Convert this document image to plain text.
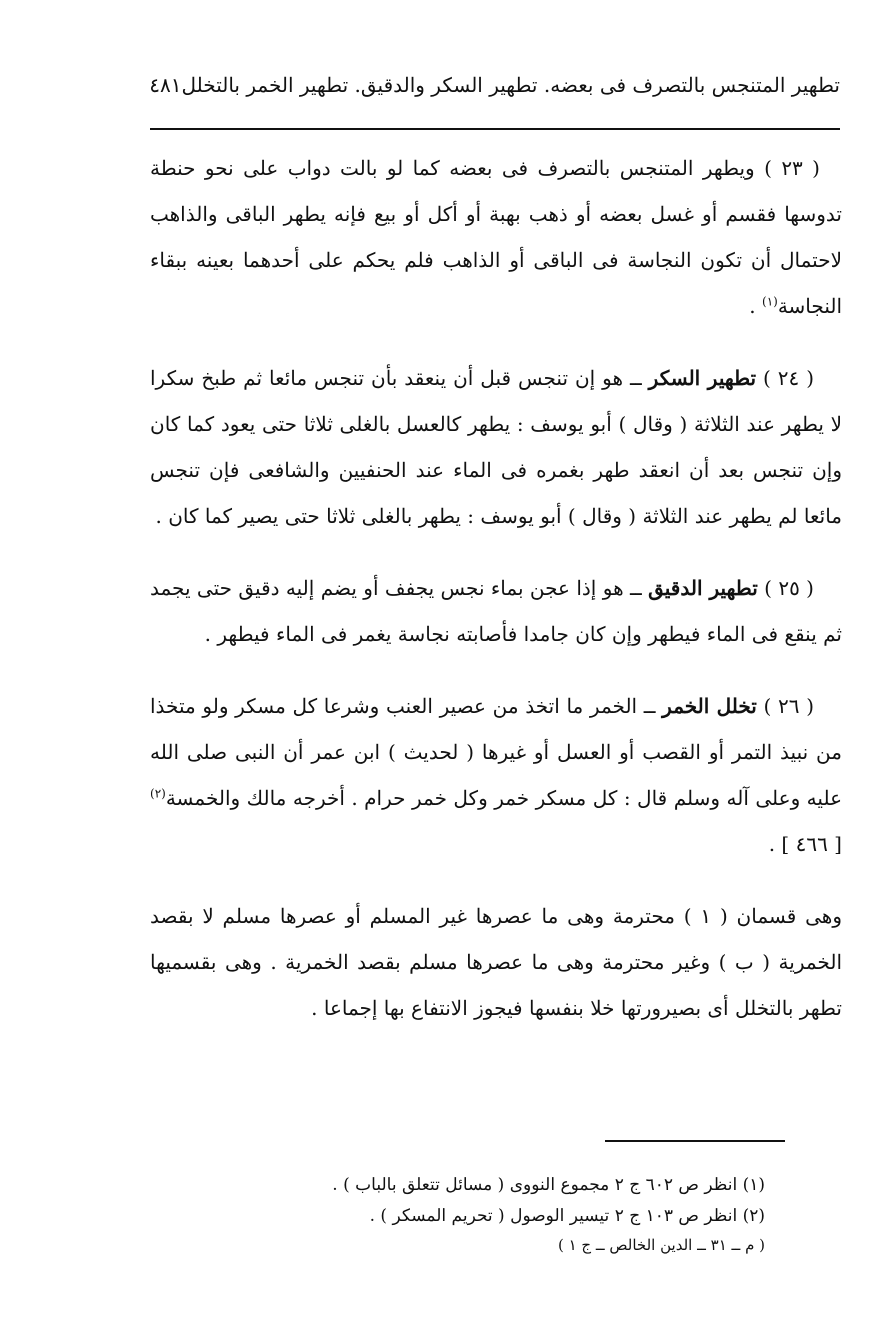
تطهير المتنجس بالتصرف فى بعضه. تطهير السكر والدقيق. تطهير الخمر بالتخلل
٤٨١

( ٢٣ ) ويطهر المتنجس بالتصرف فى بعضه كما لو بالت دواب على نحو حنطة تدوسها فقسم أو غسل بعضه أو ذهب بهبة أو أكل أو بيع فإنه يطهر الباقى والذاهب لاحتمال أن تكون النجاسة فى الباقى أو الذاهب فلم يحكم على أحدهما بعينه ببقاء النجاسة$^{(١)}$ .

( ٢٤ ) تطهير السكر ــ هو إن تنجس قبل أن ينعقد بأن تنجس مائعا ثم طبخ سكرا لا يطهر عند الثلاثة ( وقال ) أبو يوسف : يطهر كالعسل بالغلى ثلاثا حتى يعود كما كان وإن تنجس بعد أن انعقد طهر بغمره فى الماء عند الحنفيين والشافعى فإن تنجس مائعا لم يطهر عند الثلاثة ( وقال ) أبو يوسف : يطهر بالغلى ثلاثا حتى يصير كما كان .

( ٢٥ ) تطهير الدقيق ــ هو إذا عجن بماء نجس يجفف أو يضم إليه دقيق حتى يجمد ثم ينقع فى الماء فيطهر وإن كان جامدا فأصابته نجاسة يغمر فى الماء فيطهر .

( ٢٦ ) تخلل الخمر ــ الخمر ما اتخذ من عصير العنب وشرعا كل مسكر ولو متخذا من نبيذ التمر أو القصب أو العسل أو غيرها ( لحديث ) ابن عمر أن النبى صلى الله عليه وعلى آله وسلم قال : كل مسكر خمر وكل خمر حرام . أخرجه مالك والخمسة$^{(٢)}$ [ ٤٦٦ ] .

وهى قسمان ( ١ ) محترمة وهى ما عصرها غير المسلم أو عصرها مسلم لا بقصد الخمرية ( ب ) وغير محترمة وهى ما عصرها مسلم بقصد الخمرية . وهى بقسميها تطهر بالتخلل أى بصيرورتها خلا بنفسها فيجوز الانتفاع بها إجماعا .

(١) انظر ص ٦٠٢ ج ٢ مجموع النووى ( مسائل تتعلق بالباب ) .

(٢) انظر ص ١٠٣ ج ٢ تيسير الوصول ( تحريم المسكر ) .

( م ــ ٣١ ــ الدين الخالص ــ ج ١ )
